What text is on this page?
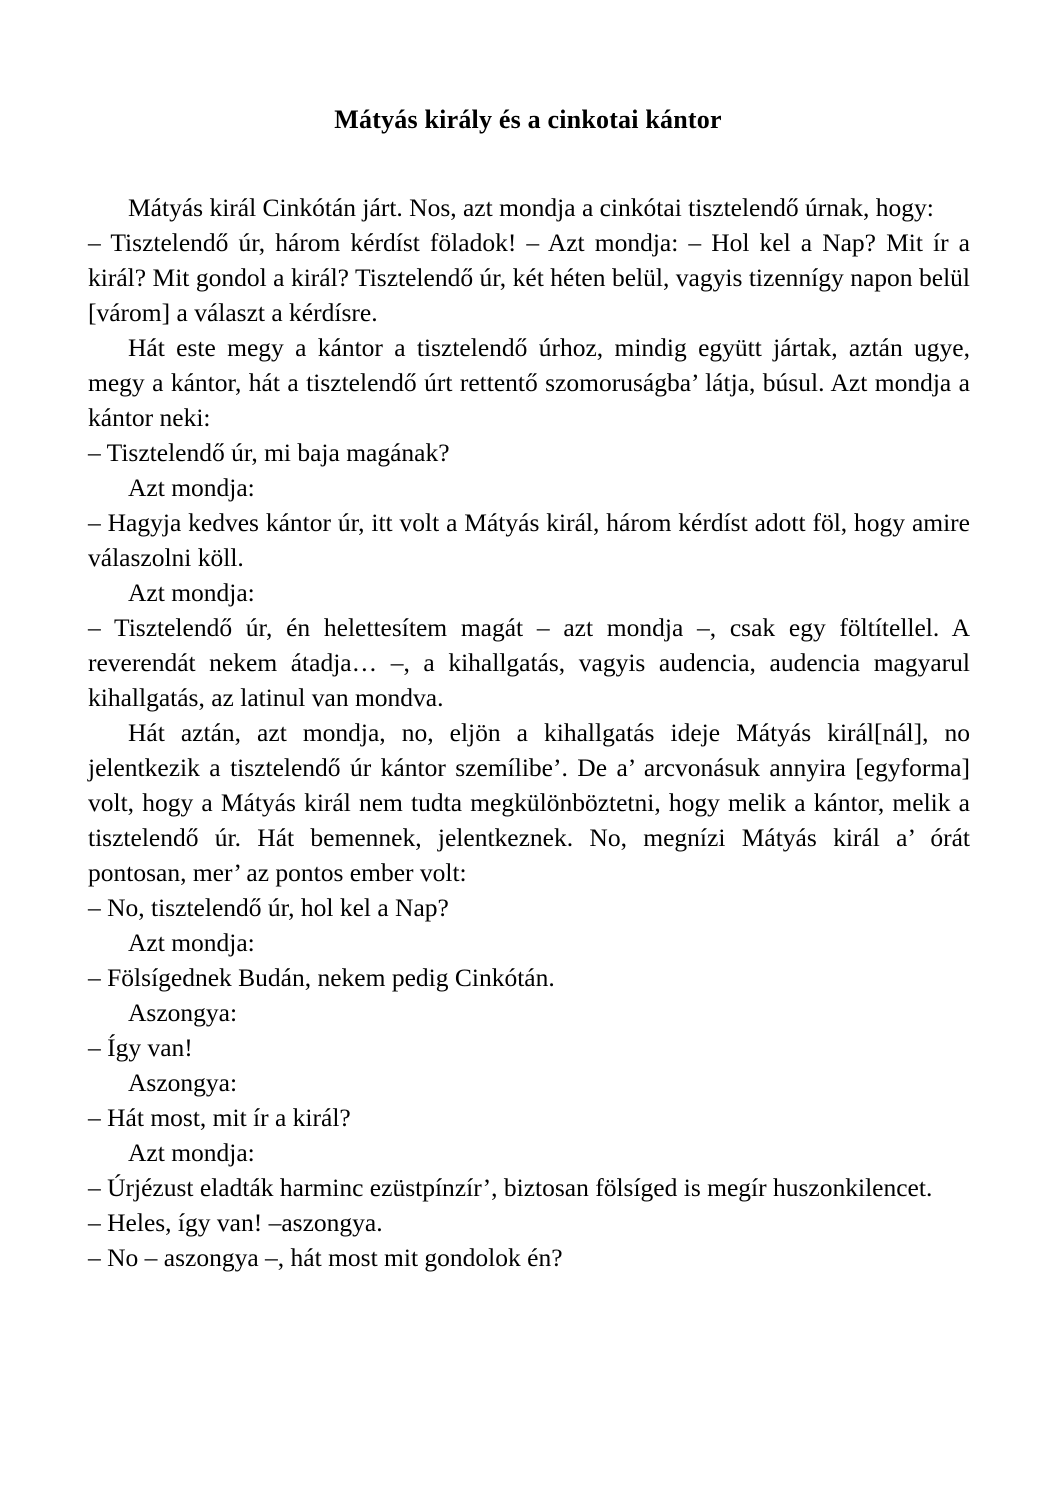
Mátyás király és a cinkotai kántor

Mátyás királ Cinkótán járt. Nos, azt mondja a cinkótai tisztelendő úrnak, hogy:

– Tisztelendő úr, három kérdíst föladok! – Azt mondja: – Hol kel a Nap? Mit ír a királ? Mit gondol a királ? Tisztelendő úr, két héten belül, vagyis tizennígy napon belül [várom] a választ a kérdísre.

Hát este megy a kántor a tisztelendő úrhoz, mindig együtt jártak, aztán ugye, megy a kántor, hát a tisztelendő úrt rettentő szomoruságba’ látja, búsul. Azt mondja a kántor neki:

– Tisztelendő úr, mi baja magának?

Azt mondja:

– Hagyja kedves kántor úr, itt volt a Mátyás királ, három kérdíst adott föl, hogy amire válaszolni köll.

Azt mondja:

– Tisztelendő úr, én helettesítem magát – azt mondja –, csak egy föltítellel. A reverendát nekem átadja… –, a kihallgatás, vagyis audencia, audencia magyarul kihallgatás, az latinul van mondva.

Hát aztán, azt mondja, no, eljön a kihallgatás ideje Mátyás királ[nál], no jelentkezik a tisztelendő úr kántor szemílibe’. De a’ arcvonásuk annyira [egyforma] volt, hogy a Mátyás királ nem tudta megkülönböztetni, hogy melik a kántor, melik a tisztelendő úr. Hát bemennek, jelentkeznek. No, megnízi Mátyás királ a’ órát pontosan, mer’ az pontos ember volt:

– No, tisztelendő úr, hol kel a Nap?

Azt mondja:

– Fölsígednek Budán, nekem pedig Cinkótán.

Aszongya:

– Így van!

Aszongya:

– Hát most, mit ír a királ?

Azt mondja:

– Úrjézust eladták harminc ezüstpínzír’, biztosan fölsíged is megír huszonkilencet.

– Heles, így van! –aszongya.

– No – aszongya –, hát most mit gondolok én?
